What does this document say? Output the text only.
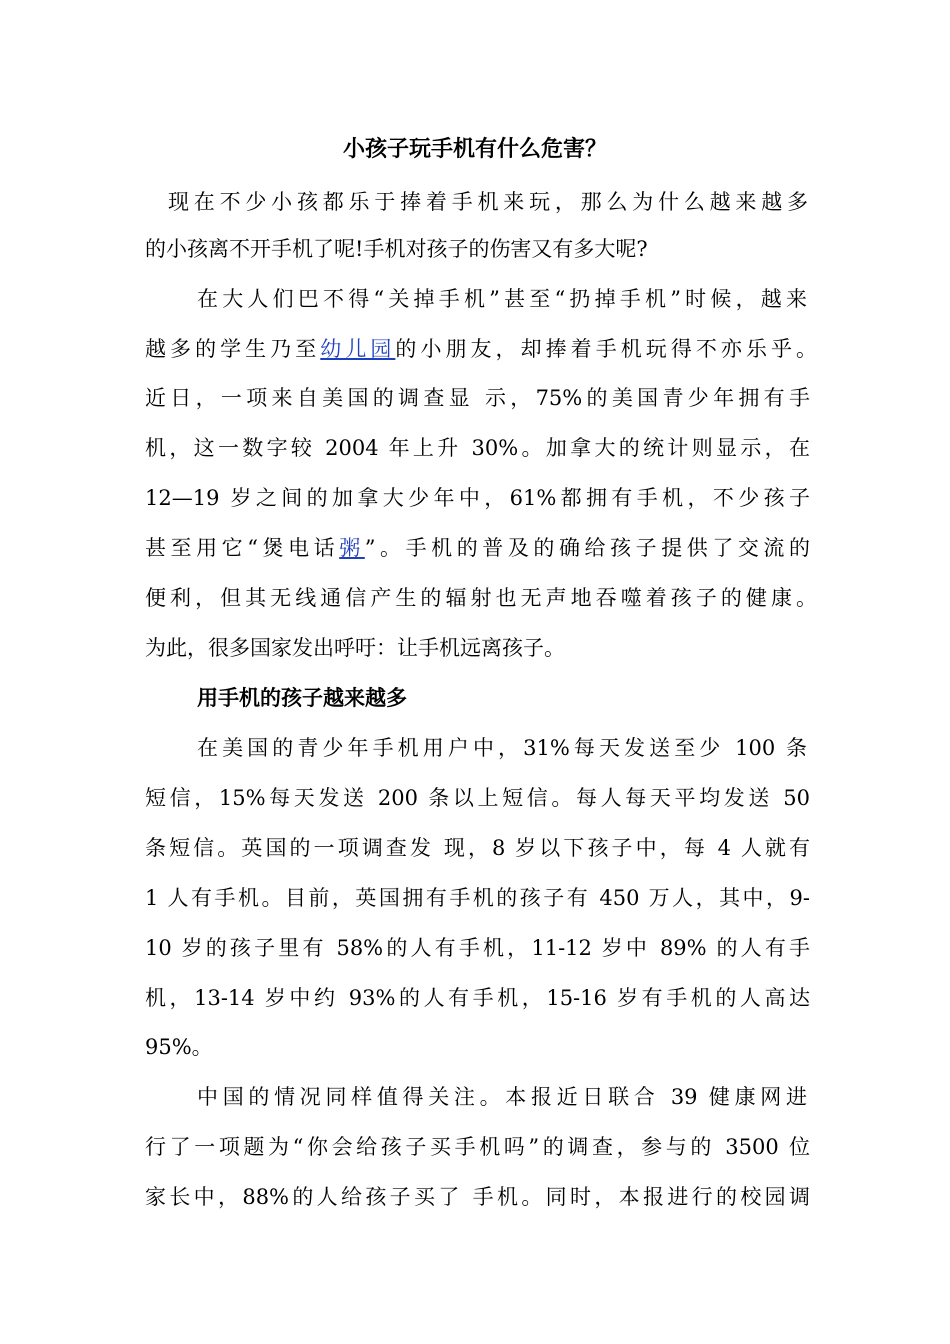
小孩子玩手机有什么危害？
现在不少小孩都乐于捧着手机来玩，那么为什么越来越多
的小孩离不开手机了呢!手机对孩子的伤害又有多大呢?
在大人们巴不得“关掉手机”甚至“扔掉手机”时候，越来
越多的学生乃至幼儿园的小朋友，却捧着手机玩得不亦乐乎。
近日，一项来自美国的调查显 示，75%的美国青少年拥有手
机，这一数字较 2004 年上升 30%。加拿大的统计则显示，在
12—19 岁之间的加拿大少年中，61%都拥有手机，不少孩子
甚至用它“煲电话粥”。手机的普及的确给孩子提供了交流的
便利，但其无线通信产生的辐射也无声地吞噬着孩子的健康。
为此，很多国家发出呼吁：让手机远离孩子。
用手机的孩子越来越多
在美国的青少年手机用户中，31%每天发送至少 100 条
短信，15%每天发送 200 条以上短信。每人每天平均发送 50
条短信。英国的一项调查发 现，8 岁以下孩子中，每 4 人就有
1 人有手机。目前，英国拥有手机的孩子有 450 万人，其中，9-
10 岁的孩子里有 58%的人有手机，11-12 岁中 89% 的人有手
机，13-14 岁中约 93%的人有手机，15-16 岁有手机的人高达
95%。
中国的情况同样值得关注。本报近日联合 39 健康网进
行了一项题为“你会给孩子买手机吗”的调查，参与的 3500 位
家长中，88%的人给孩子买了 手机。同时，本报进行的校园调
